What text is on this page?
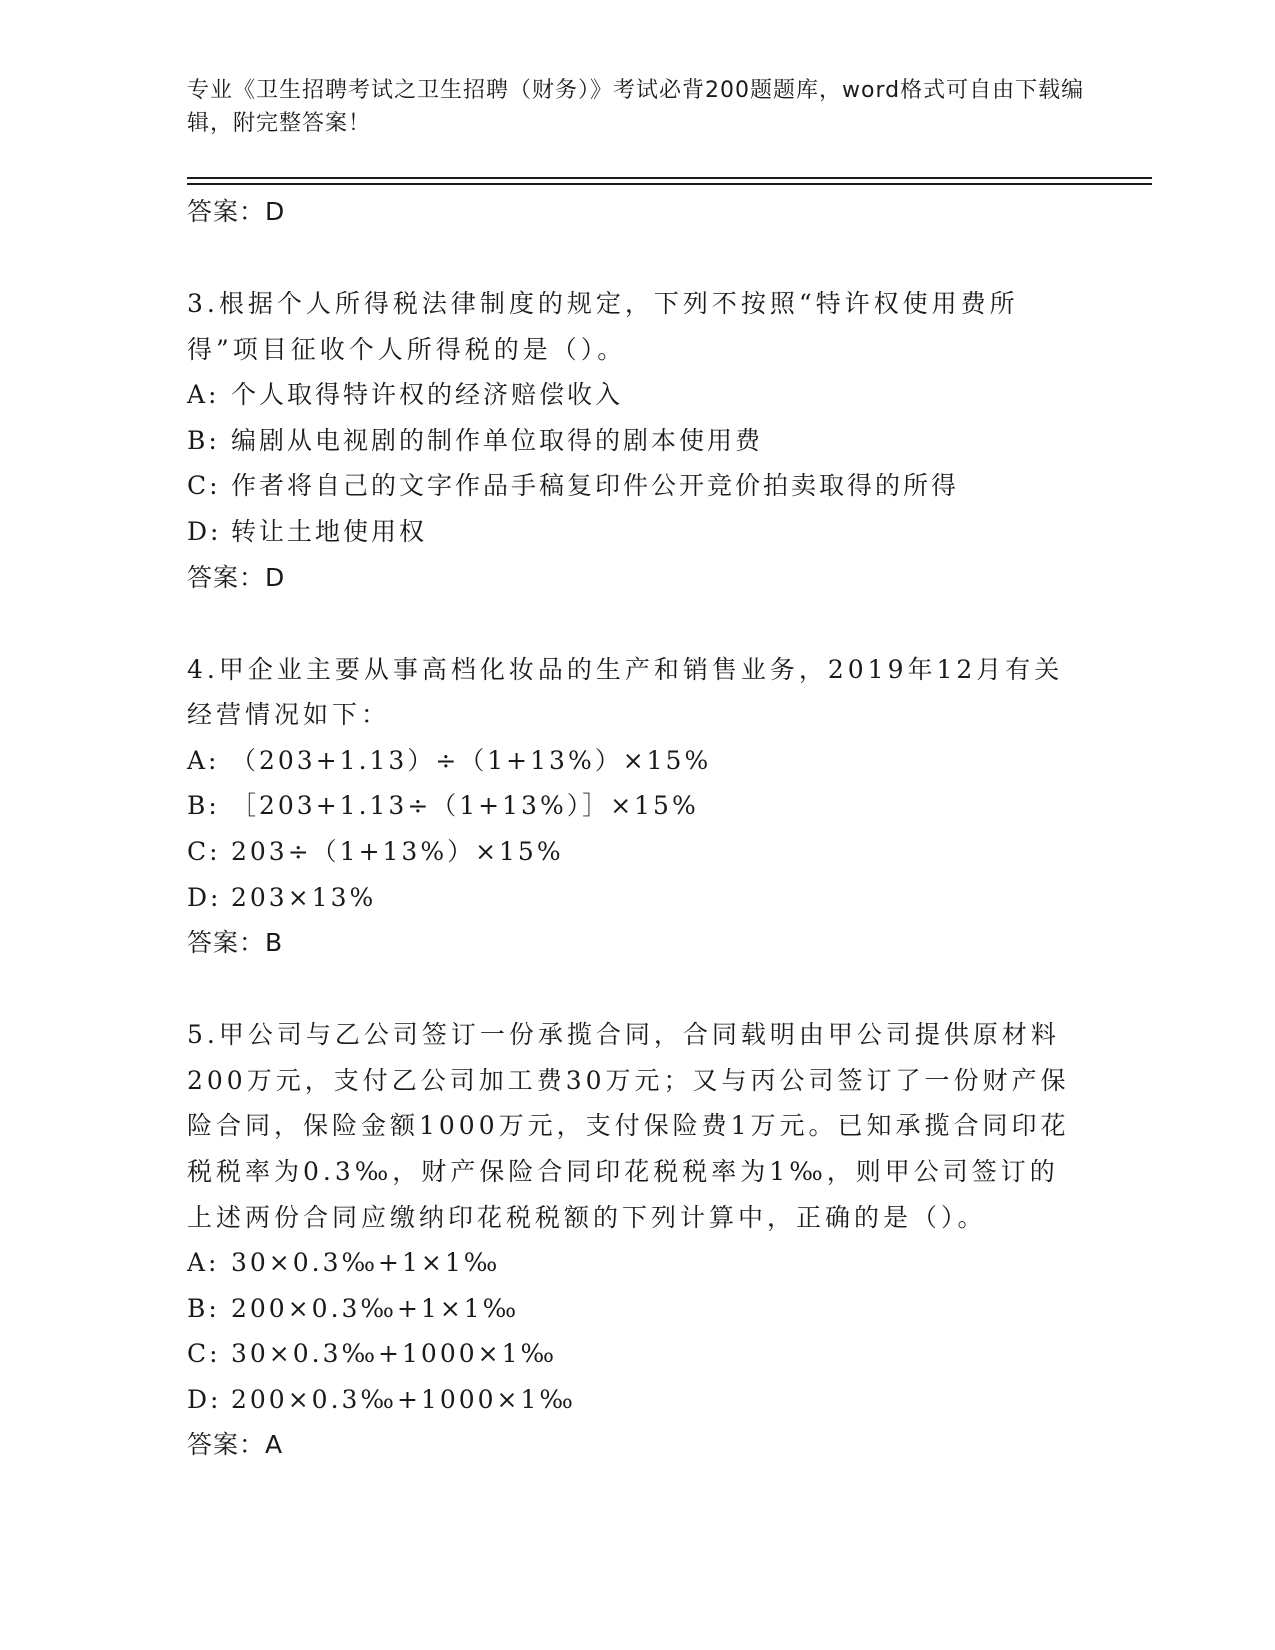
专业《卫生招聘考试之卫生招聘（财务）》考试必背200题题库，word格式可自由下载编辑，附完整答案！
答案：D

3.根据个人所得税法律制度的规定，下列不按照“特许权使用费所得”项目征收个人所得税的是（）。

A: 个人取得特许权的经济赔偿收入
B: 编剧从电视剧的制作单位取得的剧本使用费
C: 作者将自己的文字作品手稿复印件公开竞价拍卖取得的所得
D: 转让土地使用权
答案：D

4.甲企业主要从事高档化妆品的生产和销售业务，2019年12月有关经营情况如下：

A: （203+1.13）÷（1+13%）×15%
B: ［203+1.13÷（1+13%）］×15%
C: 203÷（1+13%）×15%
D: 203×13%
答案：B

5.甲公司与乙公司签订一份承揽合同，合同载明由甲公司提供原材料200万元，支付乙公司加工费30万元；又与丙公司签订了一份财产保险合同，保险金额1000万元，支付保险费1万元。已知承揽合同印花税税率为0.3‰，财产保险合同印花税税率为1‰，则甲公司签订的上述两份合同应缴纳印花税税额的下列计算中，正确的是（）。

A: 30×0.3‰+1×1‰
B: 200×0.3‰+1×1‰
C: 30×0.3‰+1000×1‰
D: 200×0.3‰+1000×1‰
答案：A
